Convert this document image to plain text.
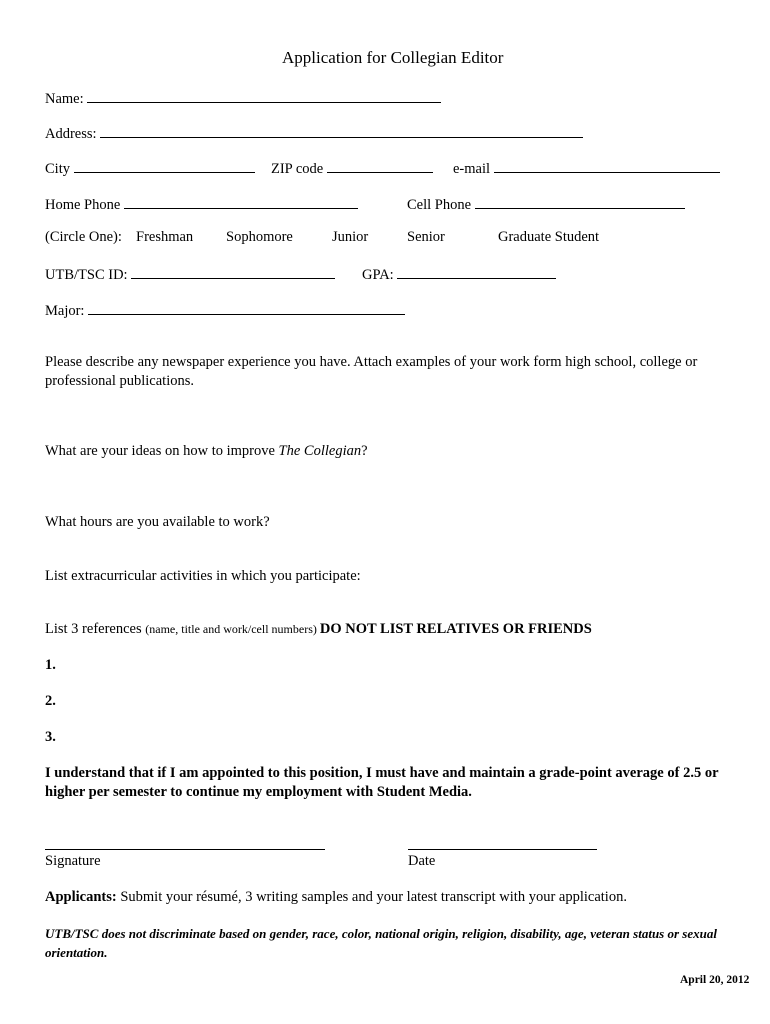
Application for Collegian Editor
Name:
Address:
City	ZIP code	e-mail
Home Phone	Cell Phone
(Circle One): Freshman Sophomore	Junior	Senior	Graduate Student
UTB/TSC ID:	GPA:
Major:
Please describe any newspaper experience you have. Attach examples of your work form high school, college or professional publications.
What are your ideas on how to improve The Collegian?
What hours are you available to work?
List extracurricular activities in which you participate:
List 3 references (name, title and work/cell numbers) DO NOT LIST RELATIVES OR FRIENDS
1.
2.
3.
I understand that if I am appointed to this position, I must have and maintain a grade-point average of 2.5 or higher per semester to continue my employment with Student Media.
Signature	Date
Applicants: Submit your résumé, 3 writing samples and your latest transcript with your application.
UTB/TSC does not discriminate based on gender, race, color, national origin, religion, disability, age, veteran status or sexual orientation.
April 20, 2012
